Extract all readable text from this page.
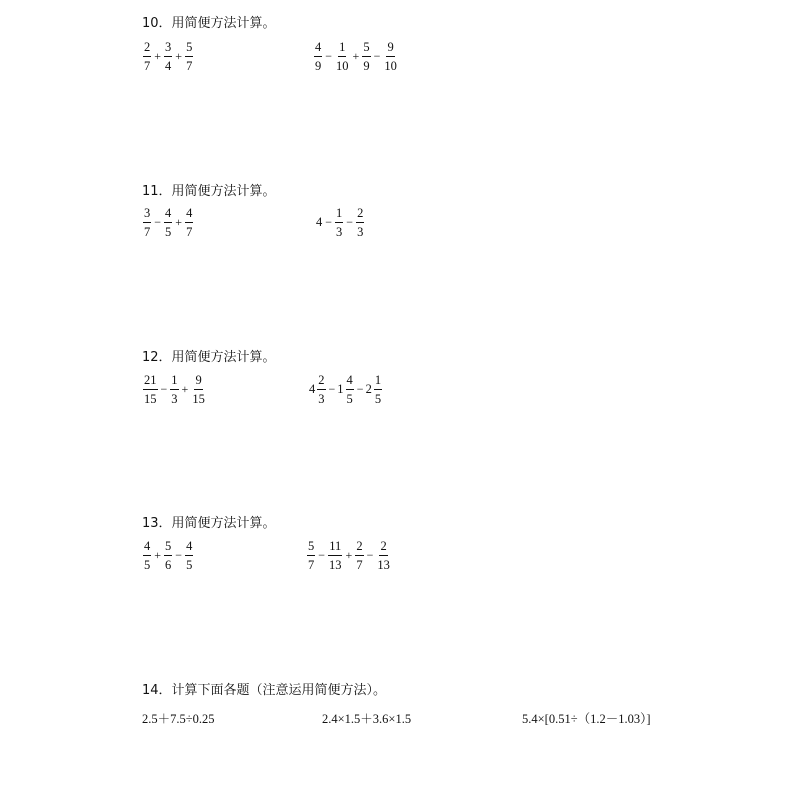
10．用简便方法计算。
$\frac{2}{7} + \frac{3}{4} + \frac{5}{7}$	$\frac{4}{9} - \frac{1}{10} + \frac{5}{9} - \frac{9}{10}$
11．用简便方法计算。
$\frac{3}{7} - \frac{4}{5} + \frac{4}{7}$	$4 - \frac{1}{3} - \frac{2}{3}$
12．用简便方法计算。
$\frac{21}{15} - \frac{1}{3} + \frac{9}{15}$	$4 \frac{2}{3} - 1 \frac{4}{5} - 2 \frac{1}{5}$
13．用简便方法计算。
$\frac{4}{5} + \frac{5}{6} - \frac{4}{5}$	$\frac{5}{7} - \frac{11}{13} + \frac{2}{7} - \frac{2}{13}$
14．计算下面各题（注意运用简便方法）。
2.5＋7.5÷0.25	2.4×1.5＋3.6×1.5	5.4×[0.51÷（1.2－1.03）]
